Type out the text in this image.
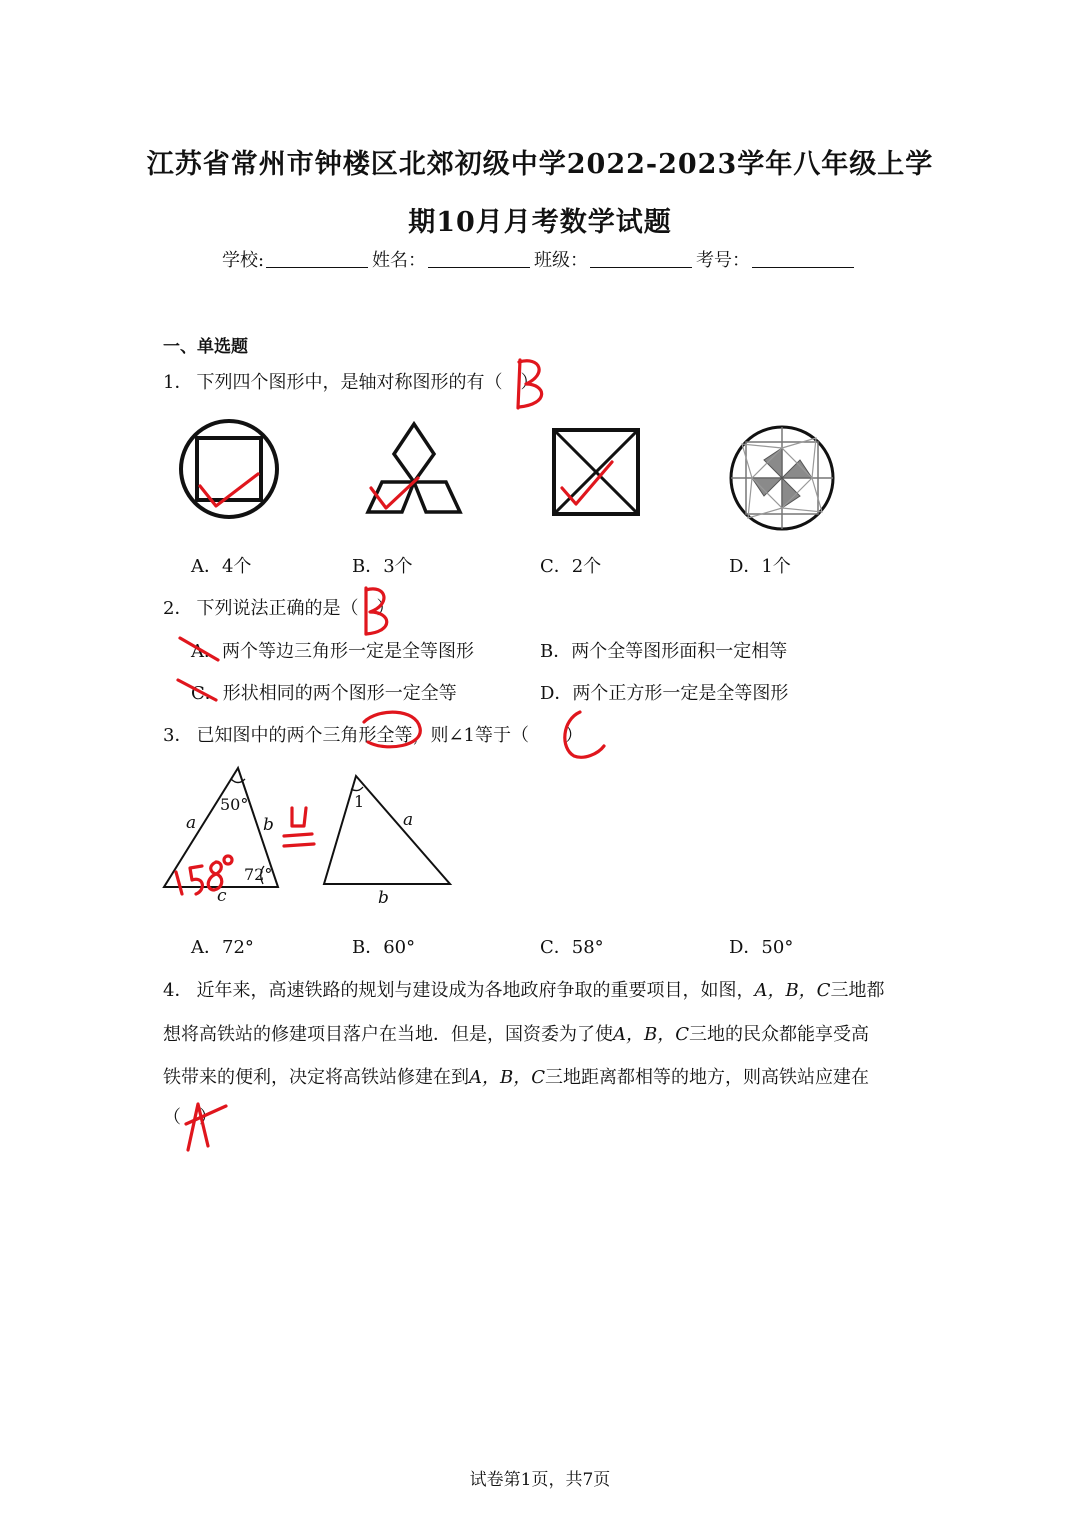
江苏省常州市钟楼区北郊初级中学2022-2023学年八年级上学
期10月月考数学试题
学校:	姓名：	班级：	考号：
一、单选题
1． 下列四个图形中，是轴对称图形的有（　）
A．4个	B．3个	C．2个	D．1个
2． 下列说法正确的是（　）
A．两个等边三角形一定是全等图形	B．两个全等图形面积一定相等
C．形状相同的两个图形一定全等	D．两个正方形一定是全等图形
3． 已知图中的两个三角形全等，则∠1等于（　　）
50°
72°
a	b
c
1
a
b
A．72°	B．60°	C．58°	D．50°
4． 近年来，高速铁路的规划与建设成为各地政府争取的重要项目，如图，A，B，C三地都
想将高铁站的修建项目落户在当地．但是，国资委为了使A，B，C三地的民众都能享受高
铁带来的便利，决定将高铁站修建在到A，B，C三地距离都相等的地方，则高铁站应建在
（　）
试卷第1页，共7页
